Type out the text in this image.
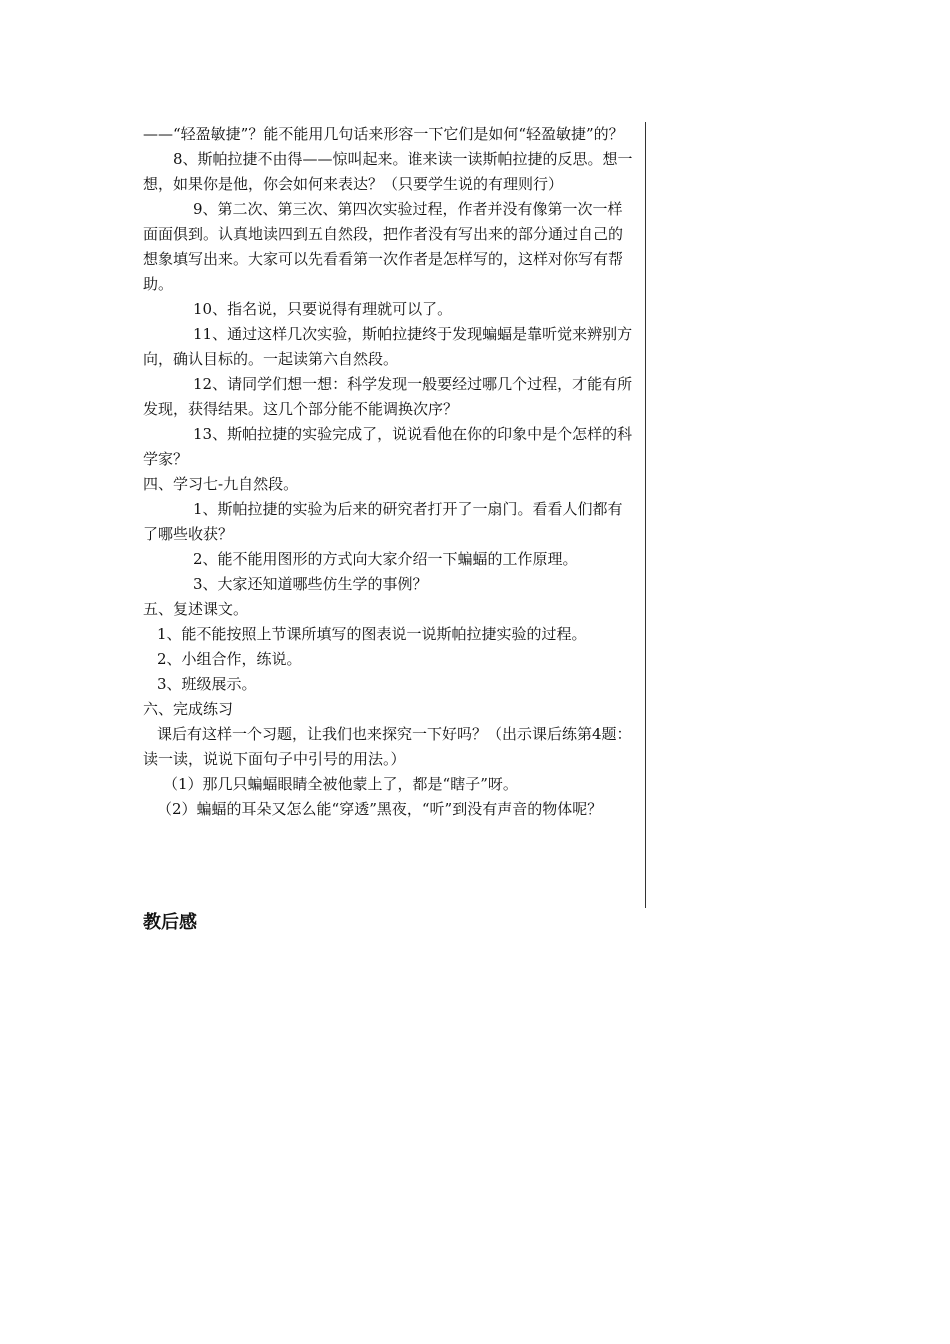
——“轻盈敏捷”？能不能用几句话来形容一下它们是如何“轻盈敏捷”的？

8、斯帕拉捷不由得——惊叫起来。谁来读一读斯帕拉捷的反思。想一想，如果你是他，你会如何来表达？（只要学生说的有理则行）

9、第二次、第三次、第四次实验过程，作者并没有像第一次一样面面俱到。认真地读四到五自然段，把作者没有写出来的部分通过自己的想象填写出来。大家可以先看看第一次作者是怎样写的，这样对你写有帮助。

10、指名说，只要说得有理就可以了。

11、通过这样几次实验，斯帕拉捷终于发现蝙蝠是靠听觉来辨别方向，确认目标的。一起读第六自然段。

12、请同学们想一想：科学发现一般要经过哪几个过程，才能有所发现，获得结果。这几个部分能不能调换次序？

13、斯帕拉捷的实验完成了，说说看他在你的印象中是个怎样的科学家？

四、学习七-九自然段。

1、斯帕拉捷的实验为后来的研究者打开了一扇门。看看人们都有了哪些收获？

2、能不能用图形的方式向大家介绍一下蝙蝠的工作原理。

3、大家还知道哪些仿生学的事例？

五、复述课文。

1、能不能按照上节课所填写的图表说一说斯帕拉捷实验的过程。

2、小组合作，练说。

3、班级展示。

六、完成练习

课后有这样一个习题，让我们也来探究一下好吗？（出示课后练第4题：读一读，说说下面句子中引号的用法。）

（1）那几只蝙蝠眼睛全被他蒙上了，都是“瞎子”呀。

（2）蝙蝠的耳朵又怎么能“穿透”黑夜，“听”到没有声音的物体呢？

教后感
